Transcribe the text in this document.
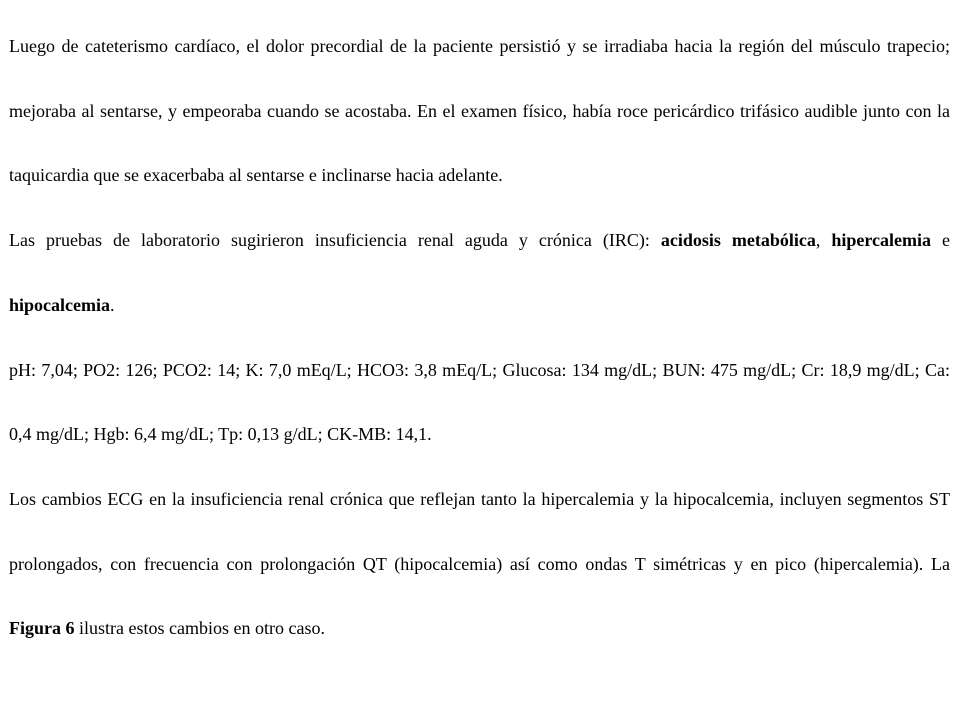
Luego de cateterismo cardíaco, el dolor precordial de la paciente persistió y se irradiaba hacia la región del músculo trapecio; mejoraba al sentarse, y empeoraba cuando se acostaba. En el examen físico, había roce pericárdico trifásico audible junto con la taquicardia que se exacerbaba al sentarse e inclinarse hacia adelante.

Las pruebas de laboratorio sugirieron insuficiencia renal aguda y crónica (IRC): acidosis metabólica, hipercalemia e hipocalcemia.

pH: 7,04; PO2: 126; PCO2: 14; K: 7,0 mEq/L; HCO3: 3,8 mEq/L; Glucosa: 134 mg/dL; BUN: 475 mg/dL; Cr: 18,9 mg/dL; Ca: 0,4 mg/dL; Hgb: 6,4 mg/dL; Tp: 0,13 g/dL; CK-MB: 14,1.

Los cambios ECG en la insuficiencia renal crónica que reflejan tanto la hipercalemia y la hipocalcemia, incluyen segmentos ST prolongados, con frecuencia con prolongación QT (hipocalcemia) así como ondas T simétricas y en pico (hipercalemia). La Figura 6 ilustra estos cambios en otro caso.
